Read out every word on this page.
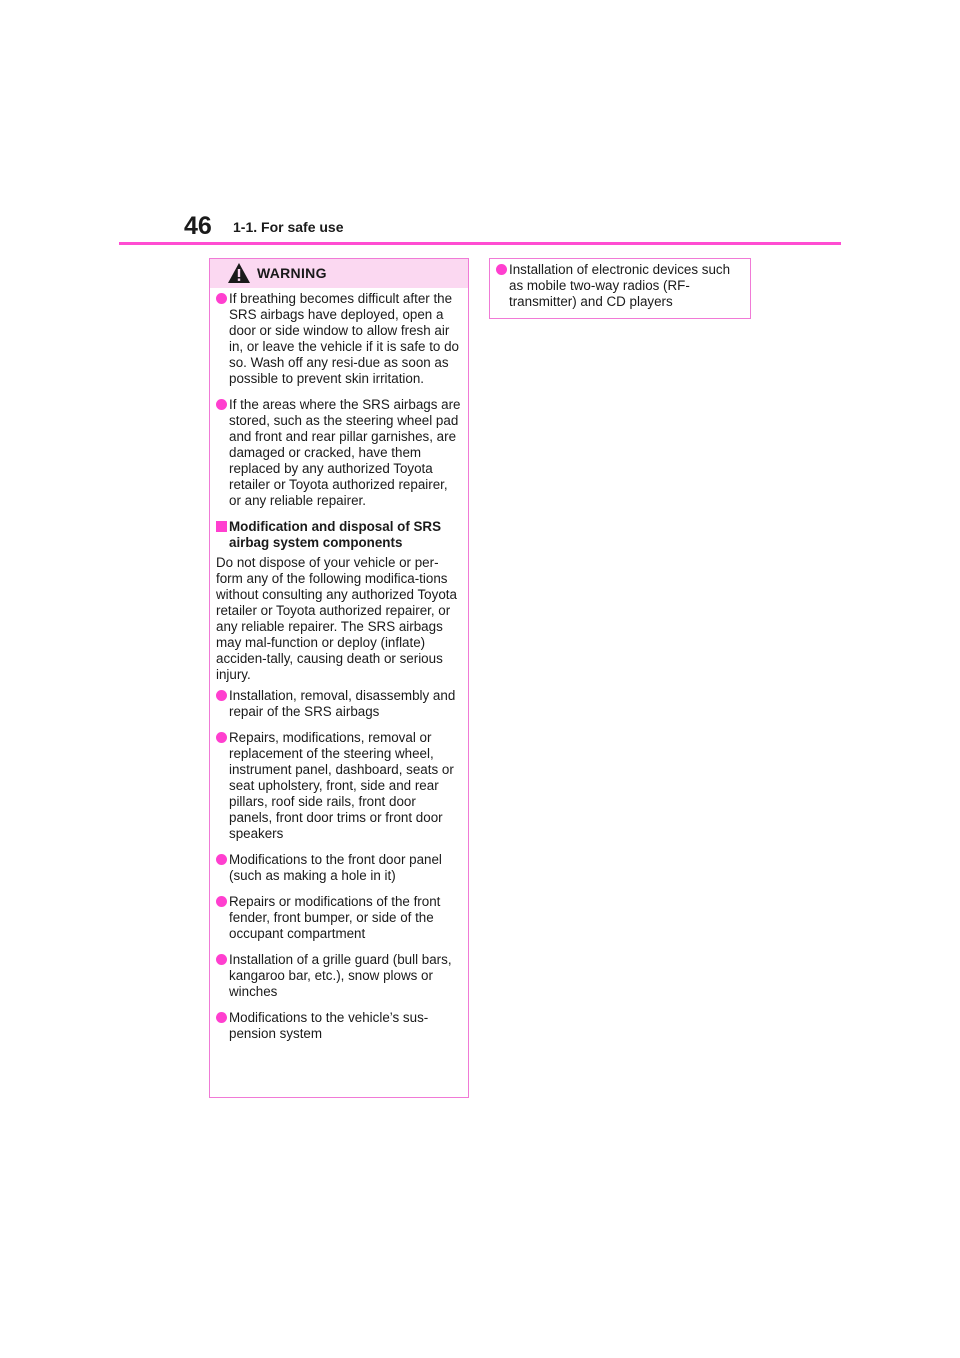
46 1-1. For safe use
WARNING
If breathing becomes difficult after the SRS airbags have deployed, open a door or side window to allow fresh air in, or leave the vehicle if it is safe to do so. Wash off any resi-due as soon as possible to prevent skin irritation.
If the areas where the SRS airbags are stored, such as the steering wheel pad and front and rear pillar garnishes, are damaged or cracked, have them replaced by any authorized Toyota retailer or Toyota authorized repairer, or any reliable repairer.
Modification and disposal of SRS airbag system components
Do not dispose of your vehicle or per-form any of the following modifica-tions without consulting any authorized Toyota retailer or Toyota authorized repairer, or any reliable repairer. The SRS airbags may mal-function or deploy (inflate) acciden-tally, causing death or serious injury.
Installation, removal, disassembly and repair of the SRS airbags
Repairs, modifications, removal or replacement of the steering wheel, instrument panel, dashboard, seats or seat upholstery, front, side and rear pillars, roof side rails, front door panels, front door trims or front door speakers
Modifications to the front door panel (such as making a hole in it)
Repairs or modifications of the front fender, front bumper, or side of the occupant compartment
Installation of a grille guard (bull bars, kangaroo bar, etc.), snow plows or winches
Modifications to the vehicle’s sus-pension system
Installation of electronic devices such as mobile two-way radios (RF-transmitter) and CD players
